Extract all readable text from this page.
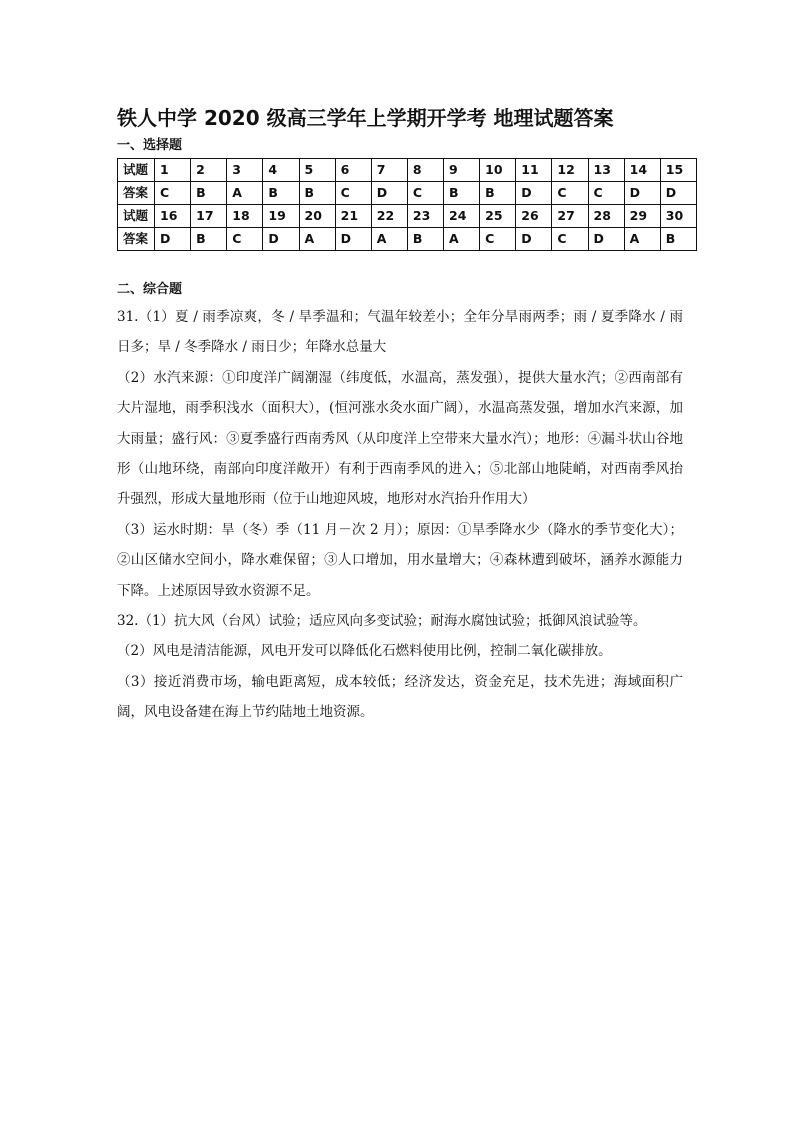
铁人中学 2020 级高三学年上学期开学考 地理试题答案
一、选择题
试题	1	2	3	4	5	6	7	8	9	10	11	12	13	14	15
答案	C	B	A	B	B	C	D	C	B	B	D	C	C	D	D
试题	16	17	18	19	20	21	22	23	24	25	26	27	28	29	30
答案	D	B	C	D	A	D	A	B	A	C	D	C	D	A	B
二、综合题

31.（1）夏 / 雨季凉爽，冬 / 旱季温和；气温年较差小；全年分旱雨两季；雨 / 夏季降水 / 雨日多；旱 / 冬季降水 / 雨日少；年降水总量大

（2）水汽来源：①印度洋广阔潮湿（纬度低，水温高，蒸发强），提供大量水汽；②西南部有大片湿地，雨季积浅水（面积大），(恒河涨水灸水面广阔），水温高蒸发强，增加水汽来源，加大雨量；盛行风：③夏季盛行西南秀风（从印度洋上空带来大量水汽）；地形：④漏斗状山谷地形（山地环绕，南部向印度洋敞开）有利于西南季风的进入；⑤北部山地陡峭，对西南季风抬升强烈，形成大量地形雨（位于山地迎风坡，地形对水汽抬升作用大）

（3）运水时期：旱（冬）季（11 月－次 2 月）；原因：①旱季降水少（降水的季节变化大）；②山区储水空间小，降水难保留；③人口增加，用水量增大；④森林遭到破坏，涵养水源能力下降。上述原因导致水资源不足。

32.（1）抗大风（台风）试验；适应风向多变试验；耐海水腐蚀试验；抵御风浪试验等。

（2）风电是清洁能源，风电开发可以降低化石燃料使用比例，控制二氧化碳排放。

（3）接近消费市场，输电距离短，成本较低；经济发达，资金充足，技术先进；海域面积广阔，风电设备建在海上节约陆地土地资源。
